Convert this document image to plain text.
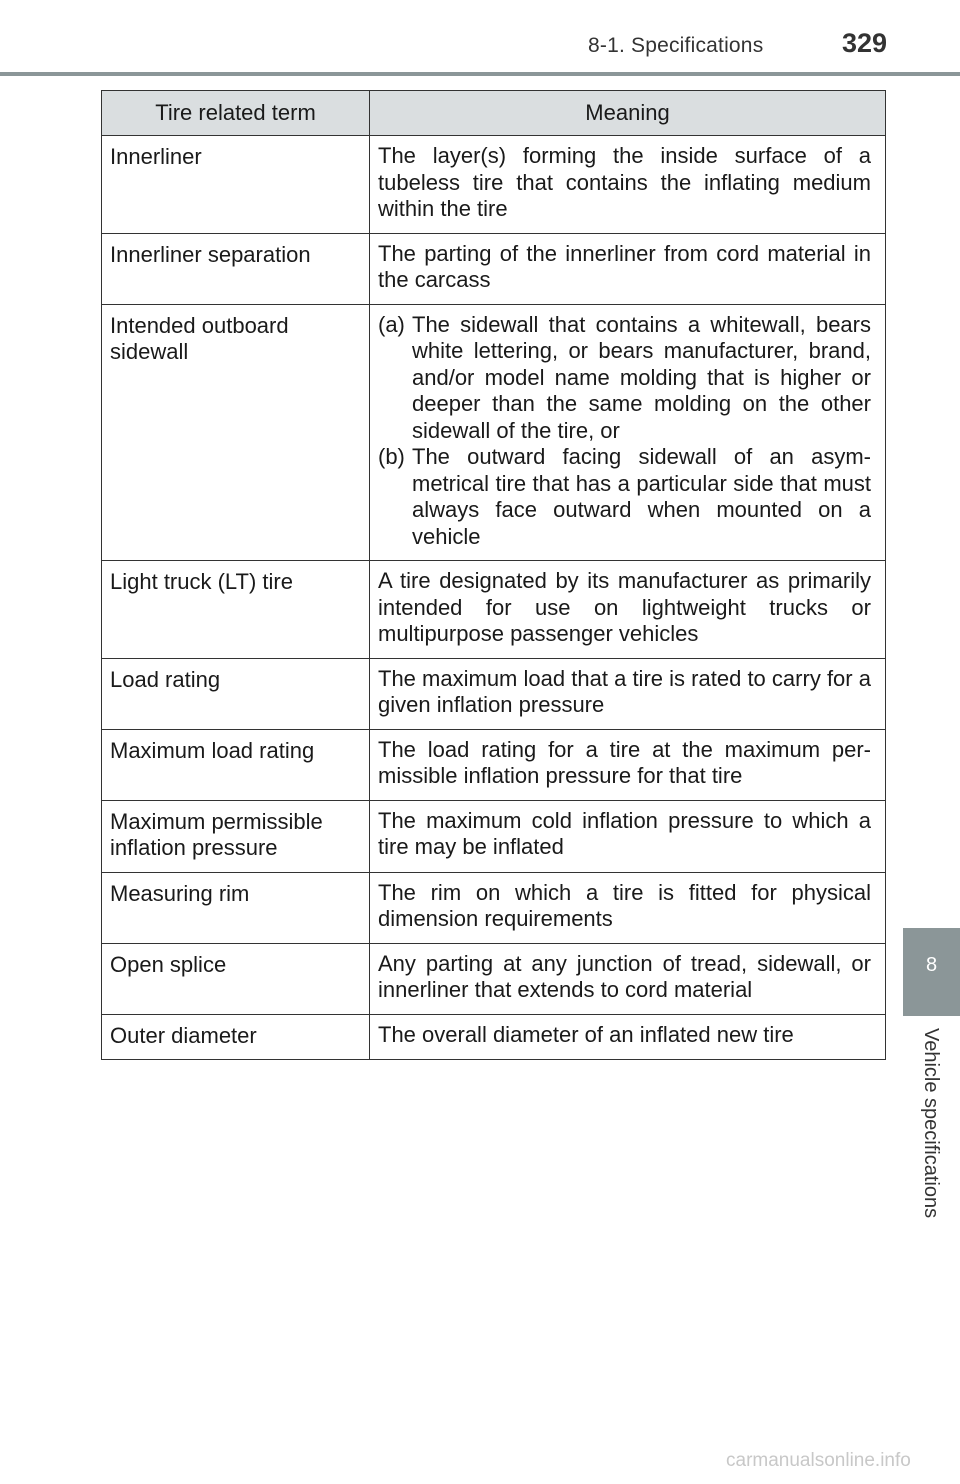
8-1. Specifications	329
8
Vehicle specifications
Tire related term	Meaning
Innerliner	The layer(s) forming the inside surface of a tubeless tire that contains the inflating medium within the tire
Innerliner separation	The parting of the innerliner from cord material in the carcass
Intended outboard sidewall	(a) The sidewall that contains a whitewall, bears white lettering, or bears manufacturer, brand, and/or model name molding that is higher or deeper than the same molding on the other sidewall of the tire, or
(b) The outward facing sidewall of an asymmetrical tire that has a particular side that must always face outward when mounted on a vehicle

Light truck (LT) tire	A tire designated by its manufacturer as primarily intended for use on lightweight trucks or multipurpose passenger vehicles
Load rating	The maximum load that a tire is rated to carry for a given inflation pressure
Maximum load rating	The load rating for a tire at the maximum permissible inflation pressure for that tire
Maximum permissible inflation pressure	The maximum cold inflation pressure to which a tire may be inflated
Measuring rim	The rim on which a tire is fitted for physical dimension requirements
Open splice	Any parting at any junction of tread, sidewall, or innerliner that extends to cord material
Outer diameter	The overall diameter of an inflated new tire
carmanualsonline.info
